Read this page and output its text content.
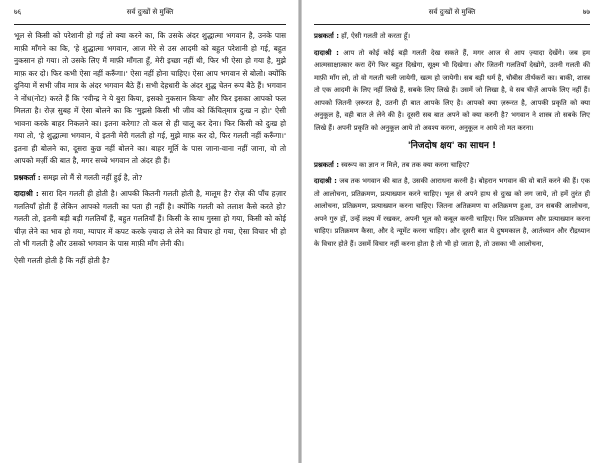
७६	सर्व दुःखों से मुक्ति

भूल से किसी को परेशानी हो गई तो क्या करने का, कि उसके अंदर शुद्धात्मा भगवान है, उनके पास माफ़ी माँगने का कि, 'हे शुद्धात्मा भगवान, आज मेरे से उस आदमी को बहुत परेशानी हो गई, बहुत नुकसान हो गया। तो उसके लिए मैं माफ़ी माँगता हूँ, मेरी इच्छा नहीं थी, फिर भी ऐसा हो गया है, मुझे माफ़ कर दो। फिर कभी ऐसा नहीं करूँगा।' ऐसा नहीं होना चाहिए। ऐसा आप भगवान से बोलो। क्योंकि दुनिया में सभी जीव मात्र के अंदर भगवान बैठे हैं। सभी देहधारी के अंदर शुद्ध चेतन रूप बैठे हैं। भगवान ने नोंध(नोट) करते हैं कि 'रवीन्द्र ने ये बुरा किया, इसको नुकसान किया' और फिर इसका आपको फल मिलता है। रोज़ सुबह में ऐसा बोलने का कि 'मुझसे किसी भी जीव को किंचित्‌मात्र दुःख न हो।' ऐसी भावना करके बाहर निकलने का। इतना करेगा? तो कल से ही चालू कर देना। फिर किसी को दुःख हो गया तो, 'हे शुद्धात्मा भगवान, ये इतनी मेरी गलती हो गई, मुझे माफ़ कर दो, फिर गलती नहीं करूँगा।' इतना ही बोलने का, दूसरा कुछ नहीं बोलने का। बाहर मूर्ति के पास जाना-वाना नहीं जाना, वो तो आपको मर्ज़ी की बात है, मगर सच्चे भगवान तो अंदर ही हैं।

प्रश्नकर्ता : समझ लो मैं से गलती नहीं हुई है, तो?

दादाश्री : सारा दिन गलती ही होती है। आपकी कितनी गलती होती है, मालूम है? रोज़ की पाँच हज़ार गलतियाँ होती हैं लेकिन आपको गलती का पता ही नहीं है। क्योंकि गलती को तलाश कैसे करते हो? गलती तो, इतनी बड़ी बड़ी गलतियाँ हैं, बहुत गलतियाँ हैं। किसी के साथ गुस्सा हो गया, किसी को कोई चीज़ लेने का भाव हो गया, ग्यापार में कपट करके ज़्यादा ले लेने का विचार हो गया, ऐसा विचार भी हो तो भी गलती है और उसको भगवान के पास माफ़ी माँग लेनी की।

ऐसी गलती होती है कि नहीं होती है?

सर्व दुःखों से मुक्ति	७७

प्रश्नकर्ता : हाँ, ऐसी गलती तो करता हूँ।

दादाश्री : आप तो कोई कोई बड़ी गलती देख सकते हैं, मगर आज से आप ज़्यादा देखेंगे। जब हम आत्मसाक्षात्कार करा देंगे फिर बहुत दिखेगा, सूक्ष्म भी दिखेगा। और जितनी गलतियाँ देखोगे, उतनी गलती की माफ़ी माँग लो, तो वो गलती चली जायेगी, खत्म हो जायेगी। सब बड़ी धर्म है, चौबीस तीर्थंकरों का। बाकी, शास्त्र तो एक आदमी के लिए नहीं लिखे हैं, सबके लिए लिखे हैं। उसमें जो लिखा है, वे सब चीज़ें आपके लिए नहीं हैं। आपको जितनी ज़रूरत है, उतनी ही बात आपके लिए है। आपको क्या ज़रूरत है, आपकी प्रकृति को क्या अनुकूल है, वही बात ले लेने की है। दूसरी सब बात अपने को क्या करनी है? भगवान ने शास्त्र तो सबके लिए लिखे हैं। अपनी प्रकृति को अनुकूल आये तो अवश्य करना, अनुकूल न आये तो मत करना।

'निजदोष क्षय' का साधन !

प्रश्नकर्ता : स्वरूप का ज्ञान न मिले, तब तक क्या करना चाहिए?

दादाश्री : जब तक भगवान की बात है, उसकी आराधना करनी है। बोहरान भगवान की वो बातें करने की हैं। एक तो आलोचना, प्रतिक्रमण, प्रत्याख्यान करने चाहिए। भूल से अपने हाथ से दुःख को लग जाये, तो हमें तुरंत ही आलोचना, प्रतिक्रमण, प्रत्याख्यान करना चाहिए। जितना अतिक्रमण या अतिक्रमण हुआ, उन सबकी आलोचना, अपने गुरु हों, उन्हें लक्ष्य में रखकर, अपनी भूल को कबूल करनी चाहिए। फिर प्रतिक्रमण और प्रत्याख्यान करना चाहिए। प्रतिक्रमण कैसा, और दे न्यूमेंट करना चाहिए। और दूसरी बात ये दुषमकाल है, आर्तध्यान और रौद्रध्यान के विचार होते हैं। उसमें विचार नहीं करना होता है तो भी हो जाता है, तो उसका भी आलोचना,
